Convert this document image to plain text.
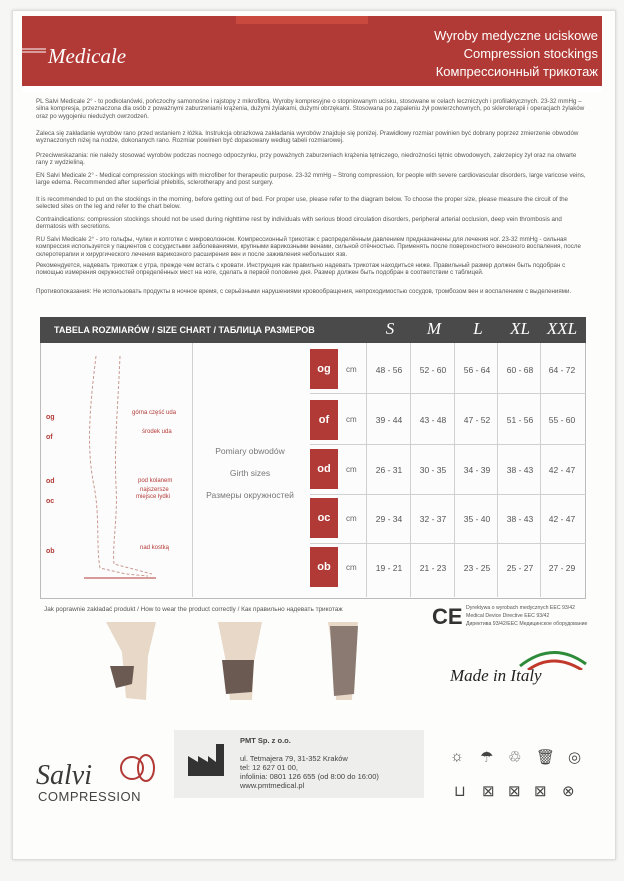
Medicale
Wyroby medyczne uciskowe
Compression stockings
Компрессионный трикотаж
PL Salvi Medicale 2° - to podkolanówki, pończochy samonośne i rajstopy z mikrofibrą. Wyroby kompresyjne o stopniowanym ucisku, stosowane w celach leczniczych i profilaktycznych. 23-32 mmHg – silna kompresja, przeznaczona dla osób z poważnymi zaburzeniami krążenia, dużymi żylakami, dużymi obrzękami. Stosowana po zapaleniu żył powierzchownych, po skleroterapii i operacjach żylaków oraz po wygojeniu niedużych owrzodzeń.
Zaleca się zakładanie wyrobów rano przed wstaniem z łóżka. Instrukcja obrazkowa zakładania wyrobów znajduje się poniżej. Prawidłowy rozmiar powinien być dobrany poprzez zmierzenie obwodów wyznaczonych niżej na nodze, dokonanych rano. Rozmiar powinien być dopasowany według tabeli rozmiarowej.
Przeciwwskazania: nie należy stosować wyrobów podczas nocnego odpoczynku, przy poważnych zaburzeniach krążenia tętniczego, niedrożności tętnic obwodowych, zakrzepicy żył oraz na otwarte rany z wydzieliną.
EN Salvi Medicale 2° - Medical compression stockings with microfiber for therapeutic purpose. 23-32 mmHg – Strong compression, for people with severe cardiovascular disorders, large varicose veins, large edema. Recommended after superficial phlebitis, sclerotherapy and post surgery.
It is recommended to put on the stockings in the morning, before getting out of bed. For proper use, please refer to the diagram below. To choose the proper size, please measure the circuit of the selected sites on the leg and refer to the chart below.
Contraindications: compression stockings should not be used during nighttime rest by individuals with serious blood circulation disorders, peripheral arterial occlusion, deep vein thrombosis and dermatosis with secretions.
RU Salvi Medicale 2° - это гольфы, чулки и колготки с микроволокном. Компрессионный трикотаж с распределённым давлением предназначены для лечения ног. 23-32 mmHg - сильная компрессия используется у пациентов с сосудистыми заболеваниями, крупными варикозными венами, сильной отёчностью. Применять после поверхностного венозного воспаления, после склеротерапии и хирургического лечения варикозного расширения вен и после заживления небольших язв.
Рекомендуется, надевать трикотаж с утра, прежде чем встать с кровати. Инструкция как правильно надевать трикотаж находиться ниже. Правильный размер должен быть подобран с помощью измерения окружностей определённых мест на ноге, сделать в первой половине дня. Размер должен быть подобран в соответствии с таблицей.
Противопоказания: Не использовать продукты в ночное время, с серьёзными нарушениями кровообращения, непроходимостью сосудов, тромбозом вен и воспалением с выделениями.
TABELA ROZMIARÓW / SIZE CHART / ТАБЛИЦА РАЗМЕРОВ	S	M	L	XL XXL
og
of
od
oc
ob
górna część uda
środek uda
pod kolanem
najszersze
miejsce łydki
nad kostką
Pomiary obwodów
Girth sizes
Размеры окружностей
og	cm	48 - 56	52 - 60	56 - 64	60 - 68	64 - 72
of	cm	39 - 44	43 - 48	47 - 52	51 - 56	55 - 60
od	cm	26 - 31	30 - 35	34 - 39	38 - 43	42 - 47
oc	cm	29 - 34	32 - 37	35 - 40	38 - 43	42 - 47
ob	cm	19 - 21	21 - 23	23 - 25	25 - 27	27 - 29
Jak poprawnie zakładać produkt / How to wear the product correctly / Как правильно надевать трикотаж	CE Dyrektywa o wyrobach medycznych EEC 93/42
Medical Device Directive EEC 93/42
Директива 93/42/EEC Медицинское оборудование
Made in Italy
Salvi
COMPRESSION
PMT Sp. z o.o.
ul. Tetmajera 79, 31-352 Kraków
tel: 12 627 01 00,
infolinia: 0801 126 655 (od 8:00 do 16:00)
www.pmtmedical.pl
☼ ☂ ♲ 🗑 ◎
⊔ ⊠ ⊠ ⊠ ⊗
